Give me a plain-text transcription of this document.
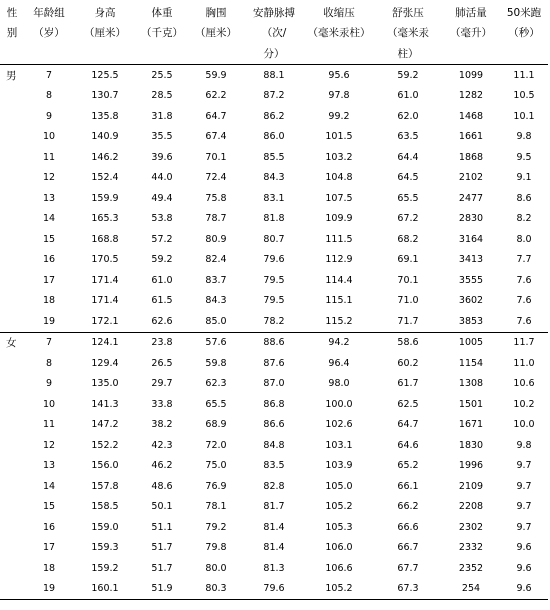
性	年龄组	身高	体重	胸围	安静脉搏	收缩压	舒张压	肺活量	50米跑
别	（岁）	（厘米）	（千克）	（厘米）	（次/	（毫米汞柱）	（毫米汞	（毫升）	（秒）
					分）		柱）		
男	7	125.5	25.5	59.9	88.1	95.6	59.2	1099	11.1
	8	130.7	28.5	62.2	87.2	97.8	61.0	1282	10.5
	9	135.8	31.8	64.7	86.2	99.2	62.0	1468	10.1
	10	140.9	35.5	67.4	86.0	101.5	63.5	1661	9.8
	11	146.2	39.6	70.1	85.5	103.2	64.4	1868	9.5
	12	152.4	44.0	72.4	84.3	104.8	64.5	2102	9.1
	13	159.9	49.4	75.8	83.1	107.5	65.5	2477	8.6
	14	165.3	53.8	78.7	81.8	109.9	67.2	2830	8.2
	15	168.8	57.2	80.9	80.7	111.5	68.2	3164	8.0
	16	170.5	59.2	82.4	79.6	112.9	69.1	3413	7.7
	17	171.4	61.0	83.7	79.5	114.4	70.1	3555	7.6
	18	171.4	61.5	84.3	79.5	115.1	71.0	3602	7.6
	19	172.1	62.6	85.0	78.2	115.2	71.7	3853	7.6
女	7	124.1	23.8	57.6	88.6	94.2	58.6	1005	11.7
	8	129.4	26.5	59.8	87.6	96.4	60.2	1154	11.0
	9	135.0	29.7	62.3	87.0	98.0	61.7	1308	10.6
	10	141.3	33.8	65.5	86.8	100.0	62.5	1501	10.2
	11	147.2	38.2	68.9	86.6	102.6	64.7	1671	10.0
	12	152.2	42.3	72.0	84.8	103.1	64.6	1830	9.8
	13	156.0	46.2	75.0	83.5	103.9	65.2	1996	9.7
	14	157.8	48.6	76.9	82.8	105.0	66.1	2109	9.7
	15	158.5	50.1	78.1	81.7	105.2	66.2	2208	9.7
	16	159.0	51.1	79.2	81.4	105.3	66.6	2302	9.7
	17	159.3	51.7	79.8	81.4	106.0	66.7	2332	9.6
	18	159.2	51.7	80.0	81.3	106.6	67.7	2352	9.6
	19	160.1	51.9	80.3	79.6	105.2	67.3	254	9.6
